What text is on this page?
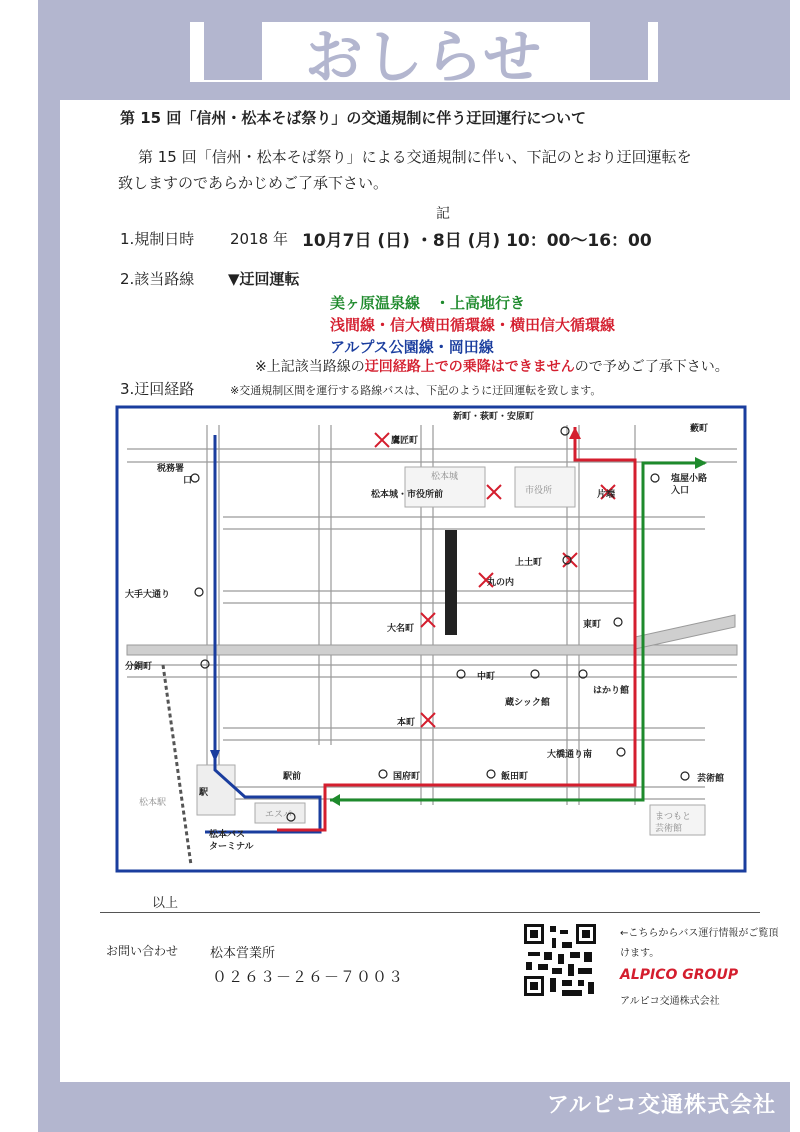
おしらせ
第 15 回「信州・松本そば祭り」の交通規制に伴う迂回運行について
第 15 回「信州・松本そば祭り」による交通規制に伴い、下記のとおり迂回運転を
致しますのであらかじめご了承下さい。
記
1.規制日時 2018 年 10月7日 (日) ・8日 (月) 10：00〜16：00
2.該当路線 ▼迂回運転
美ヶ原温泉線　・上高地行き
浅間線・信大横田循環線・横田信大循環線
アルプス公園線・岡田線
※上記該当路線の迂回経路上での乗降はできませんので予めご了承下さい。
3.迂回経路	※交通規制区間を運行する路線バスは、下記のように迂回運転を致します。
鷹匠町
新町・萩町・安原町
藪町
税務署
口	松本城
松本城・市役所前	市役所	片端
塩屋小路
入口
上土町
丸の内
大手大通り
大名町	東町
分銅町
中町
はかり館
蔵シック館
本町
大橋通り南
駅前	国府町	飯田町	芸術館
松本駅
駅
エスパ
松本バス
ターミナル
まつもと
芸術館
以上
お問い合わせ 松本営業所
０２６３－２６－７００３
←こちらからバス運行情報がご覧頂
けます。
ALPICO GROUP
アルピコ交通株式会社
アルピコ交通株式会社
